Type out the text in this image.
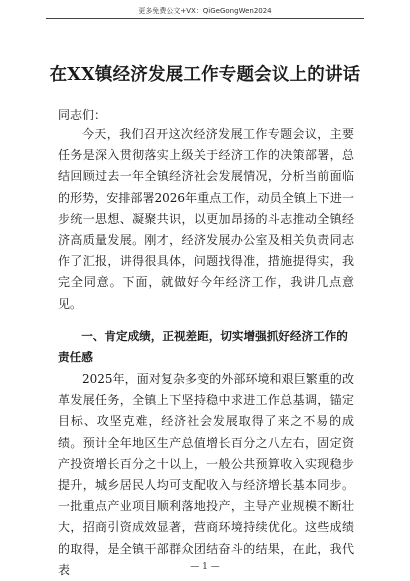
更多免费公文+VX：QiGeGongWen2024
在XX镇经济发展工作专题会议上的讲话

同志们：

今天，我们召开这次经济发展工作专题会议，主要任务是深入贯彻落实上级关于经济工作的决策部署，总结回顾过去一年全镇经济社会发展情况，分析当前面临的形势，安排部署2026年重点工作，动员全镇上下进一步统一思想、凝聚共识，以更加昂扬的斗志推动全镇经济高质量发展。刚才，经济发展办公室及相关负责同志作了汇报，讲得很具体，问题找得准，措施提得实，我完全同意。下面，就做好今年经济工作，我讲几点意见。

一、肯定成绩，正视差距，切实增强抓好经济工作的责任感

2025年，面对复杂多变的外部环境和艰巨繁重的改革发展任务，全镇上下坚持稳中求进工作总基调，锚定目标、攻坚克难，经济社会发展取得了来之不易的成绩。预计全年地区生产总值增长百分之八左右，固定资产投资增长百分之十以上，一般公共预算收入实现稳步提升，城乡居民人均可支配收入与经济增长基本同步。一批重点产业项目顺利落地投产，主导产业规模不断壮大，招商引资成效显著，营商环境持续优化。这些成绩的取得，是全镇干部群众团结奋斗的结果，在此，我代表	— 1 —
